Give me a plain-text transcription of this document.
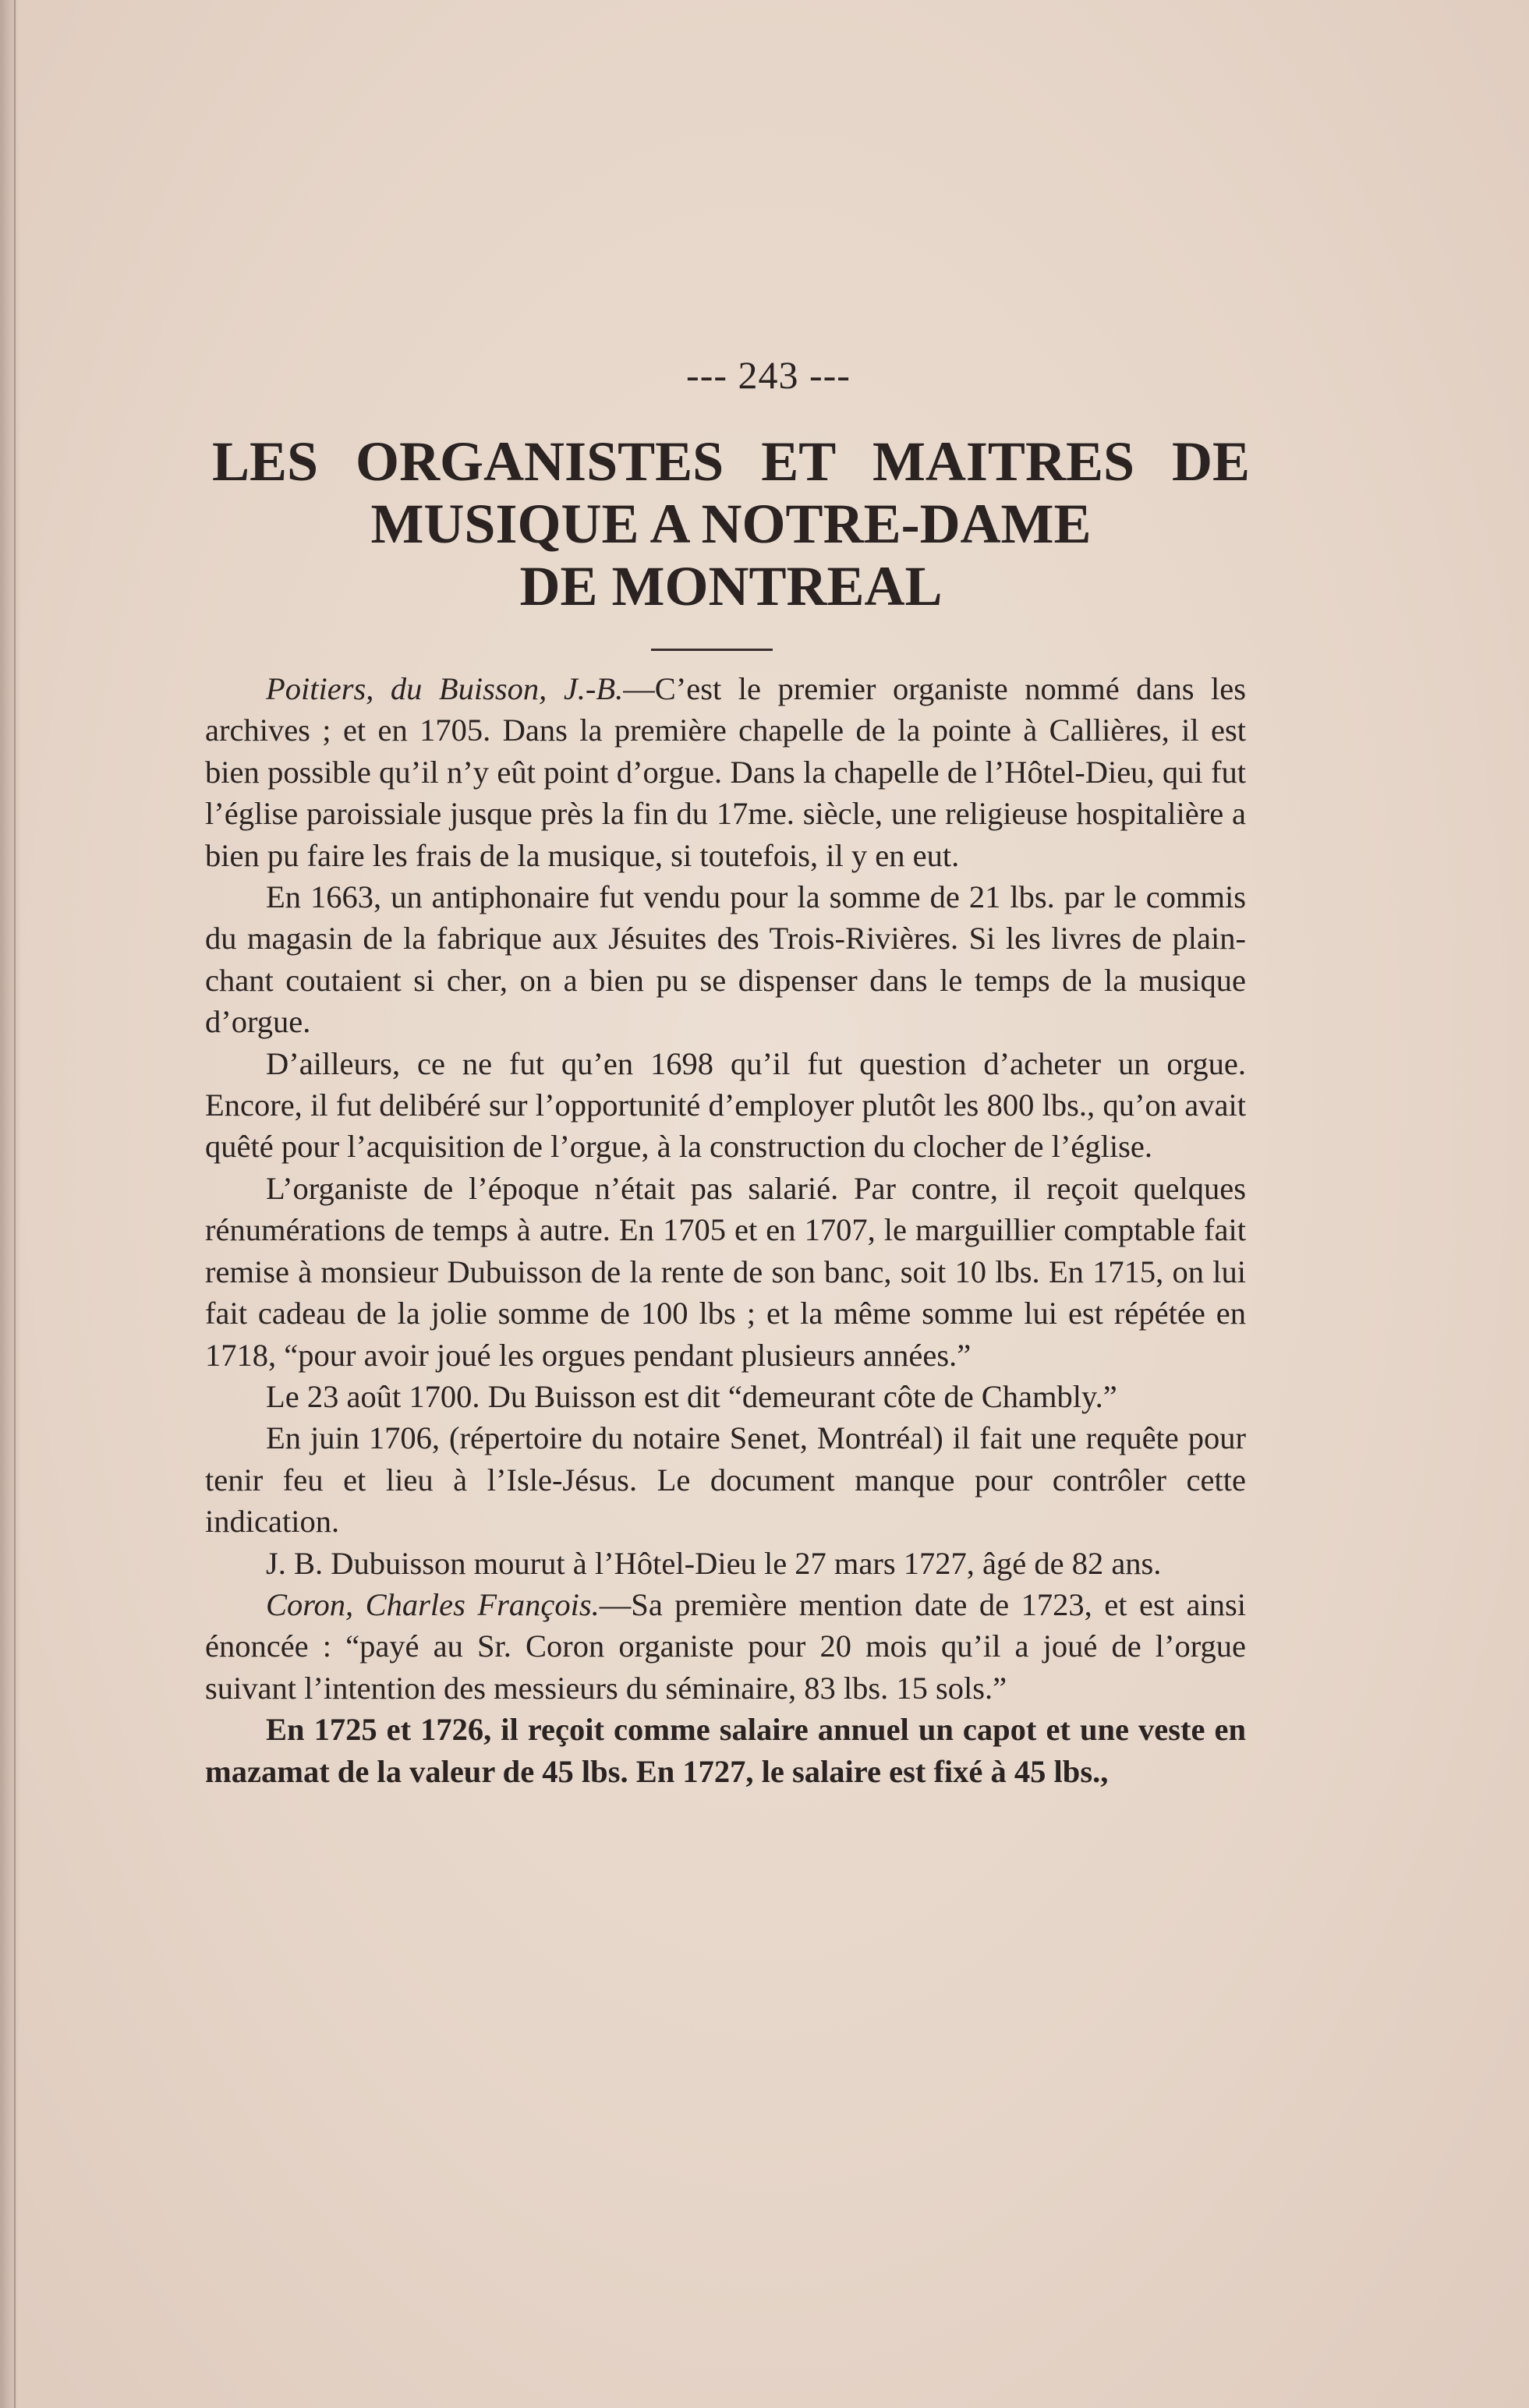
--- 243 ---
LES ORGANISTES ET MAITRES DE
MUSIQUE A NOTRE-DAME
DE MONTREAL

Poitiers, du Buisson, J.-B.—C’est le premier organiste nommé dans les archives ; et en 1705. Dans la première chapelle de la pointe à Callières, il est bien possible qu’il n’y eût point d’orgue. Dans la chapelle de l’Hôtel-Dieu, qui fut l’église paroissiale jusque près la fin du 17me. siècle, une religieuse hospitalière a bien pu faire les frais de la musique, si toutefois, il y en eut.

En 1663, un antiphonaire fut vendu pour la somme de 21 lbs. par le commis du magasin de la fabrique aux Jésuites des Trois-Rivières. Si les livres de plain-chant coutaient si cher, on a bien pu se dispenser dans le temps de la musique d’orgue.

D’ailleurs, ce ne fut qu’en 1698 qu’il fut question d’acheter un orgue. Encore, il fut delibéré sur l’opportunité d’employer plutôt les 800 lbs., qu’on avait quêté pour l’acquisition de l’orgue, à la construction du clocher de l’église.

L’organiste de l’époque n’était pas salarié. Par contre, il reçoit quelques rénumérations de temps à autre. En 1705 et en 1707, le marguillier comptable fait remise à monsieur Dubuisson de la rente de son banc, soit 10 lbs. En 1715, on lui fait cadeau de la jolie somme de 100 lbs ; et la même somme lui est répétée en 1718, “pour avoir joué les orgues pendant plusieurs années.”

Le 23 août 1700. Du Buisson est dit “demeurant côte de Chambly.”

En juin 1706, (répertoire du notaire Senet, Montréal) il fait une requête pour tenir feu et lieu à l’Isle-Jésus. Le document manque pour contrôler cette indication.

J. B. Dubuisson mourut à l’Hôtel-Dieu le 27 mars 1727, âgé de 82 ans.

Coron, Charles François.—Sa première mention date de 1723, et est ainsi énoncée : “payé au Sr. Coron organiste pour 20 mois qu’il a joué de l’orgue suivant l’intention des messieurs du séminaire, 83 lbs. 15 sols.”

En 1725 et 1726, il reçoit comme salaire annuel un capot et une veste en mazamat de la valeur de 45 lbs. En 1727, le salaire est fixé à 45 lbs.,
